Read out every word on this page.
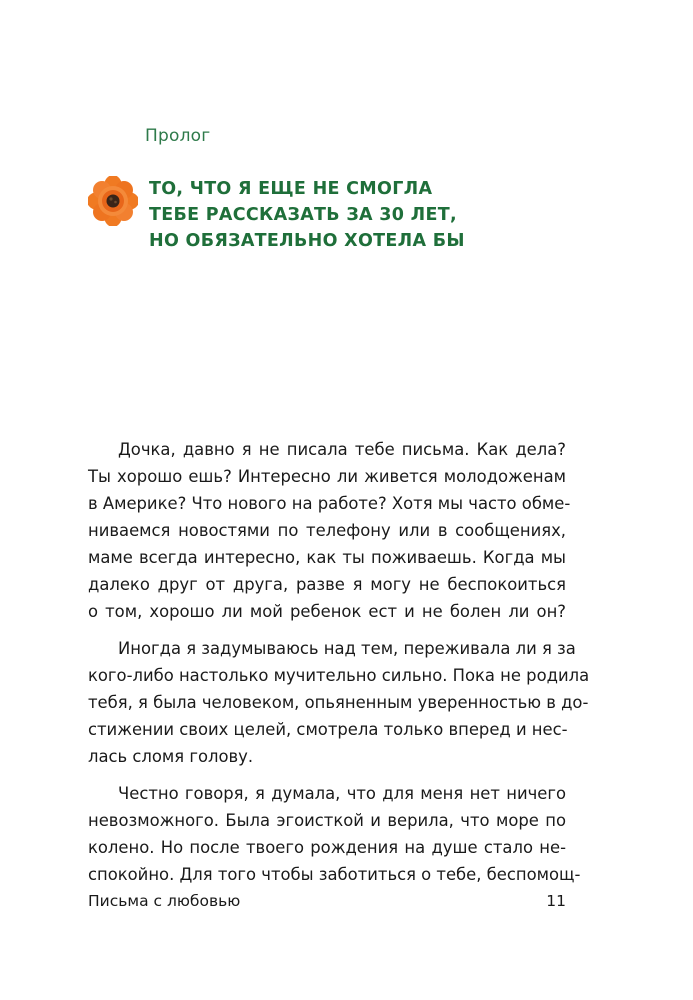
Пролог
ТО, ЧТО Я ЕЩЕ НЕ СМОГЛА
ТЕБЕ РАССКАЗАТЬ ЗА 30 ЛЕТ,
НО ОБЯЗАТЕЛЬНО ХОТЕЛА БЫ

Дочка, давно я не писала тебе письма. Как дела?
Ты хорошо ешь? Интересно ли живется молодоженам
в Америке? Что нового на работе? Хотя мы часто обме-
ниваемся новостями по телефону или в сообщениях,
маме всегда интересно, как ты поживаешь. Когда мы
далеко друг от друга, разве я могу не беспокоиться
о том, хорошо ли мой ребенок ест и не болен ли он?

Иногда я задумываюсь над тем, переживала ли я за
кого-либо настолько мучительно сильно. Пока не родила
тебя, я была человеком, опьяненным уверенностью в до-
стижении своих целей, смотрела только вперед и нес-
лась сломя голову.

Честно говоря, я думала, что для меня нет ничего
невозможного. Была эгоисткой и верила, что море по
колено. Но после твоего рождения на душе стало не-
спокойно. Для того чтобы заботиться о тебе, беспомощ-

Письма с любовью	11
